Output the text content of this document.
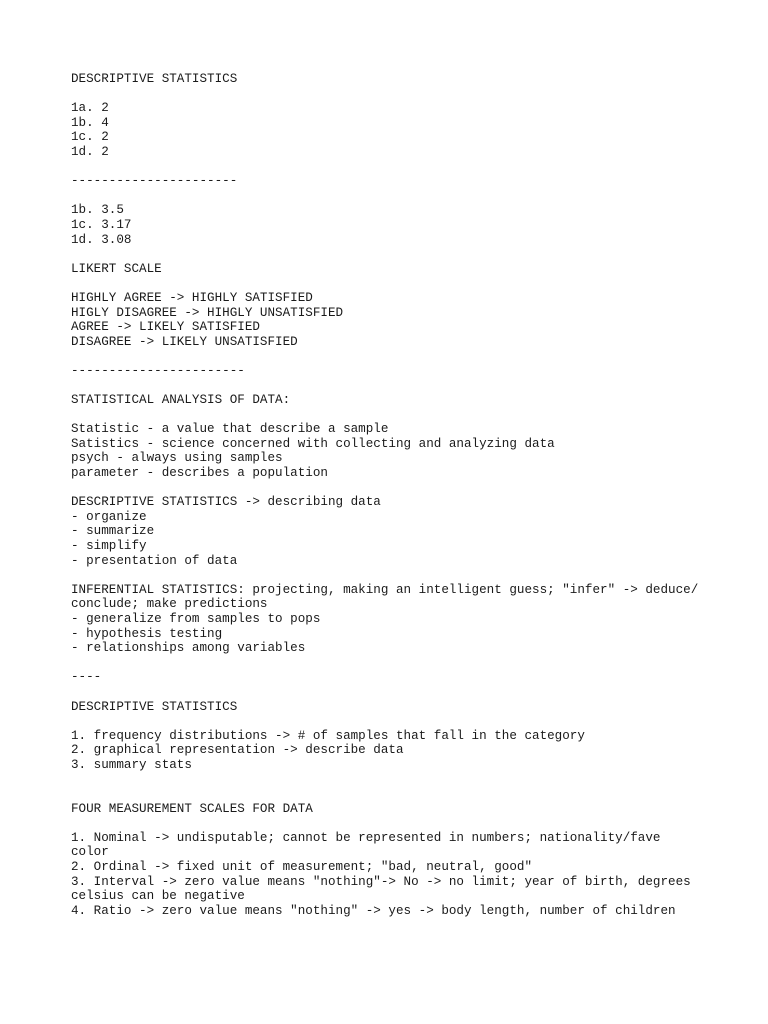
DESCRIPTIVE STATISTICS
1a. 2
1b. 4
1c. 2
1d. 2
----------------------
1b. 3.5
1c. 3.17
1d. 3.08
LIKERT SCALE
HIGHLY AGREE -> HIGHLY SATISFIED
HIGLY DISAGREE -> HIHGLY UNSATISFIED
AGREE -> LIKELY SATISFIED
DISAGREE -> LIKELY UNSATISFIED
-----------------------
STATISTICAL ANALYSIS OF DATA:
Statistic - a value that describe a sample
Satistics - science concerned with collecting and analyzing data
psych - always using samples
parameter - describes a population
DESCRIPTIVE STATISTICS -> describing data
- organize
- summarize
- simplify
- presentation of data
INFERENTIAL STATISTICS: projecting, making an intelligent guess; "infer" -> deduce/
conclude; make predictions
- generalize from samples to pops
- hypothesis testing
- relationships among variables
----
DESCRIPTIVE STATISTICS
1. frequency distributions -> # of samples that fall in the category
2. graphical representation -> describe data
3. summary stats
FOUR MEASUREMENT SCALES FOR DATA
1. Nominal -> undisputable; cannot be represented in numbers; nationality/fave
color
2. Ordinal -> fixed unit of measurement; "bad, neutral, good"
3. Interval -> zero value means "nothing"-> No -> no limit; year of birth, degrees
celsius can be negative
4. Ratio -> zero value means "nothing" -> yes -> body length, number of children
